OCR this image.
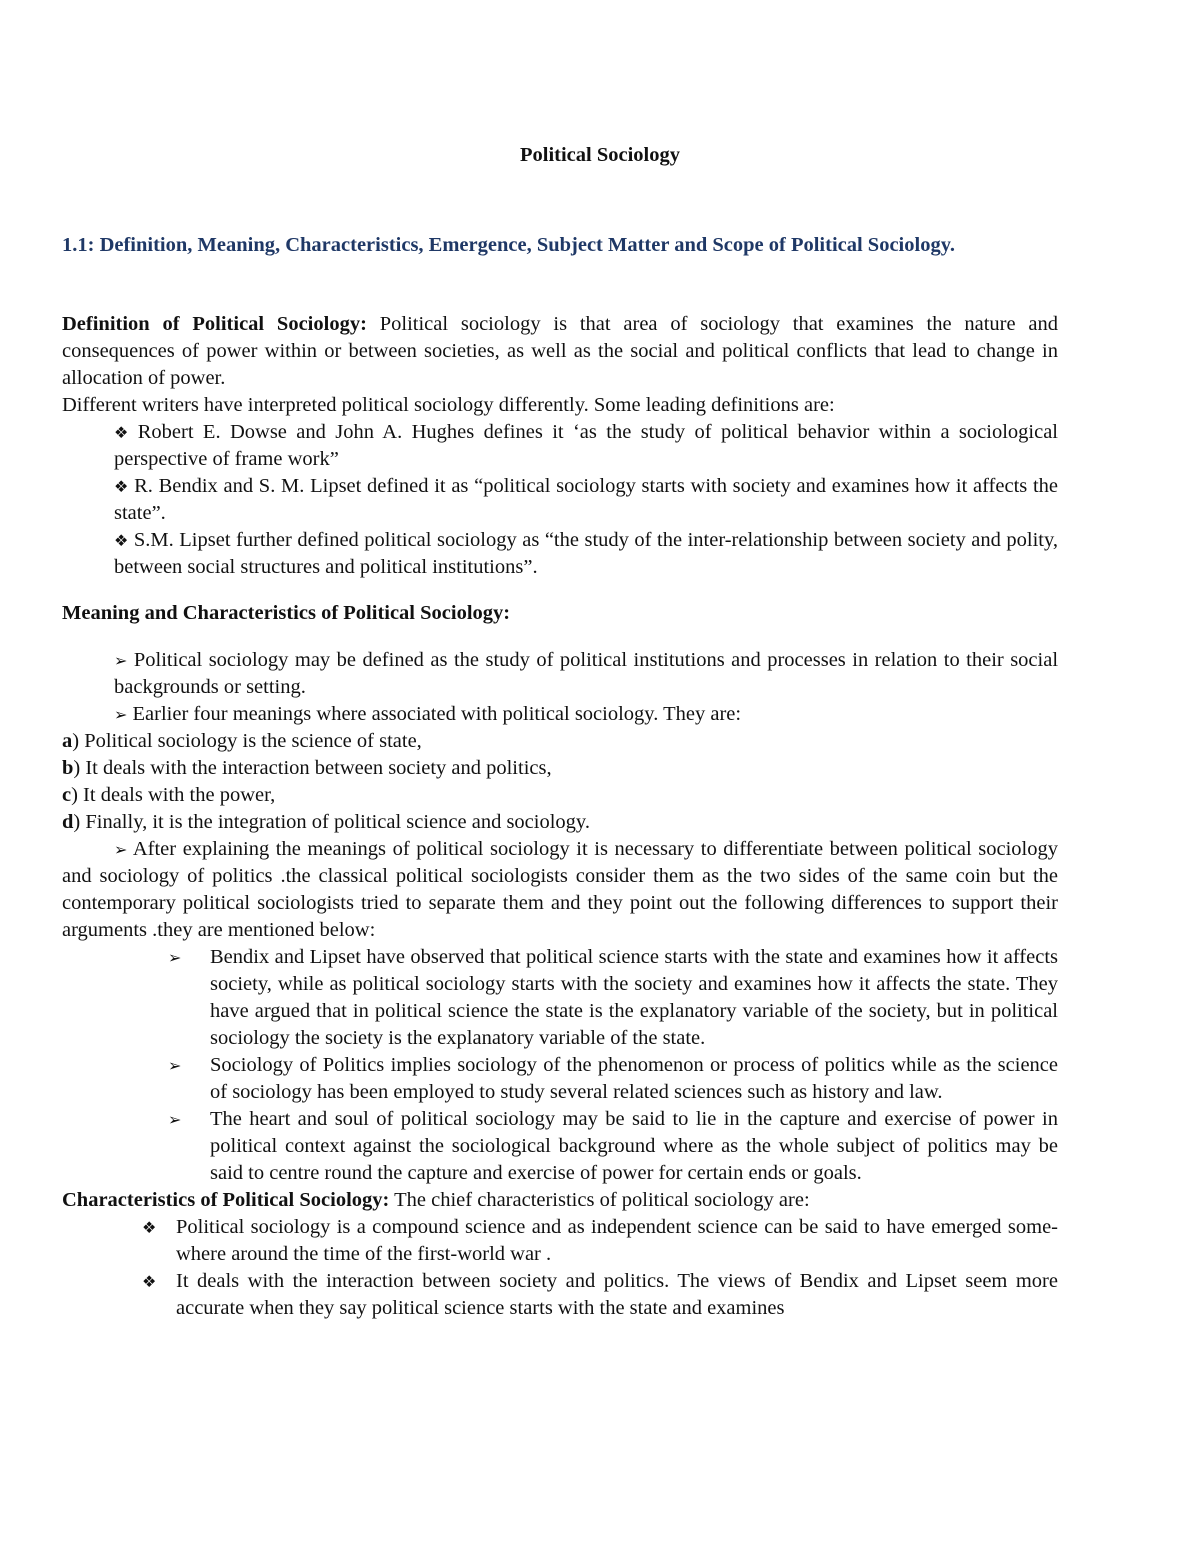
Political Sociology
1.1: Definition, Meaning, Characteristics, Emergence, Subject Matter and Scope of Political Sociology.
Definition of Political Sociology: Political sociology is that area of sociology that examines the nature and consequences of power within or between societies, as well as the social and political conflicts that lead to change in allocation of power.
Different writers have interpreted political sociology differently. Some leading definitions are:
❖ Robert E. Dowse and John A. Hughes defines it ‘as the study of political behavior within a sociological perspective of frame work”
❖ R. Bendix and S. M. Lipset defined it as “political sociology starts with society and examines how it affects the state”.
❖ S.M. Lipset further defined political sociology as “the study of the inter-relationship between society and polity, between social structures and political institutions”.
Meaning and Characteristics of Political Sociology:
➢ Political sociology may be defined as the study of political institutions and processes in relation to their social backgrounds or setting.
➢ Earlier four meanings where associated with political sociology. They are:
a) Political sociology is the science of state,
b) It deals with the interaction between society and politics,
c) It deals with the power,
d) Finally, it is the integration of political science and sociology.
➢ After explaining the meanings of political sociology it is necessary to differentiate between political sociology and sociology of politics .the classical political sociologists consider them as the two sides of the same coin but the contemporary political sociologists tried to separate them and they point out the following differences to support their arguments .they are mentioned below:
➢ Bendix and Lipset have observed that political science starts with the state and examines how it affects society, while as political sociology starts with the society and examines how it affects the state. They have argued that in political science the state is the explanatory variable of the society, but in political sociology the society is the explanatory variable of the state.
➢ Sociology of Politics implies sociology of the phenomenon or process of politics while as the science of sociology has been employed to study several related sciences such as history and law.
➢ The heart and soul of political sociology may be said to lie in the capture and exercise of power in political context against the sociological background where as the whole subject of politics may be said to centre round the capture and exercise of power for certain ends or goals.
Characteristics of Political Sociology: The chief characteristics of political sociology are:
❖ Political sociology is a compound science and as independent science can be said to have emerged some- where around the time of the first-world war .
❖ It deals with the interaction between society and politics. The views of Bendix and Lipset seem more accurate when they say political science starts with the state and examines
